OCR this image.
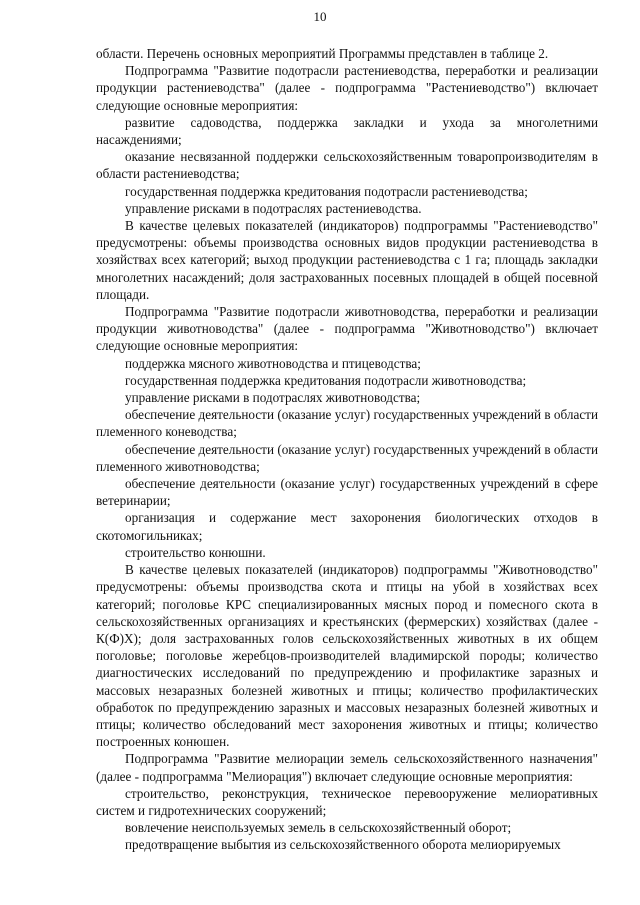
10

области. Перечень основных мероприятий Программы представлен в таблице 2.

Подпрограмма "Развитие подотрасли растениеводства, переработки и реализации продукции растениеводства" (далее - подпрограмма "Растениеводство") включает следующие основные мероприятия:

развитие садоводства, поддержка закладки и ухода за многолетними насаждениями;

оказание несвязанной поддержки сельскохозяйственным товаропроизводителям в области растениеводства;

государственная поддержка кредитования подотрасли растениеводства;

управление рисками в подотраслях растениеводства.

В качестве целевых показателей (индикаторов) подпрограммы "Растениеводство" предусмотрены: объемы производства основных видов продукции растениеводства в хозяйствах всех категорий; выход продукции растениеводства с 1 га; площадь закладки многолетних насаждений; доля застрахованных посевных площадей в общей посевной площади.

Подпрограмма "Развитие подотрасли животноводства, переработки и реализации продукции животноводства" (далее - подпрограмма "Животноводство") включает следующие основные мероприятия:

поддержка мясного животноводства и птицеводства;

государственная поддержка кредитования подотрасли животноводства;

управление рисками в подотраслях животноводства;

обеспечение деятельности (оказание услуг) государственных учреждений в области племенного коневодства;

обеспечение деятельности (оказание услуг) государственных учреждений в области племенного животноводства;

обеспечение деятельности (оказание услуг) государственных учреждений в сфере ветеринарии;

организация и содержание мест захоронения биологических отходов в скотомогильниках;

строительство конюшни.

В качестве целевых показателей (индикаторов) подпрограммы "Животноводство" предусмотрены: объемы производства скота и птицы на убой в хозяйствах всех категорий; поголовье КРС специализированных мясных пород и помесного скота в сельскохозяйственных организациях и крестьянских (фермерских) хозяйствах (далее - К(Ф)Х); доля застрахованных голов сельскохозяйственных животных в их общем поголовье; поголовье жеребцов-производителей владимирской породы; количество диагностических исследований по предупреждению и профилактике заразных и массовых незаразных болезней животных и птицы; количество профилактических обработок по предупреждению заразных и массовых незаразных болезней животных и птицы; количество обследований мест захоронения животных и птицы; количество построенных конюшен.

Подпрограмма "Развитие мелиорации земель сельскохозяйственного назначения" (далее - подпрограмма "Мелиорация") включает следующие основные мероприятия:

строительство, реконструкция, техническое перевооружение мелиоративных систем и гидротехнических сооружений;

вовлечение неиспользуемых земель в сельскохозяйственный оборот;

предотвращение выбытия из сельскохозяйственного оборота мелиорируемых
